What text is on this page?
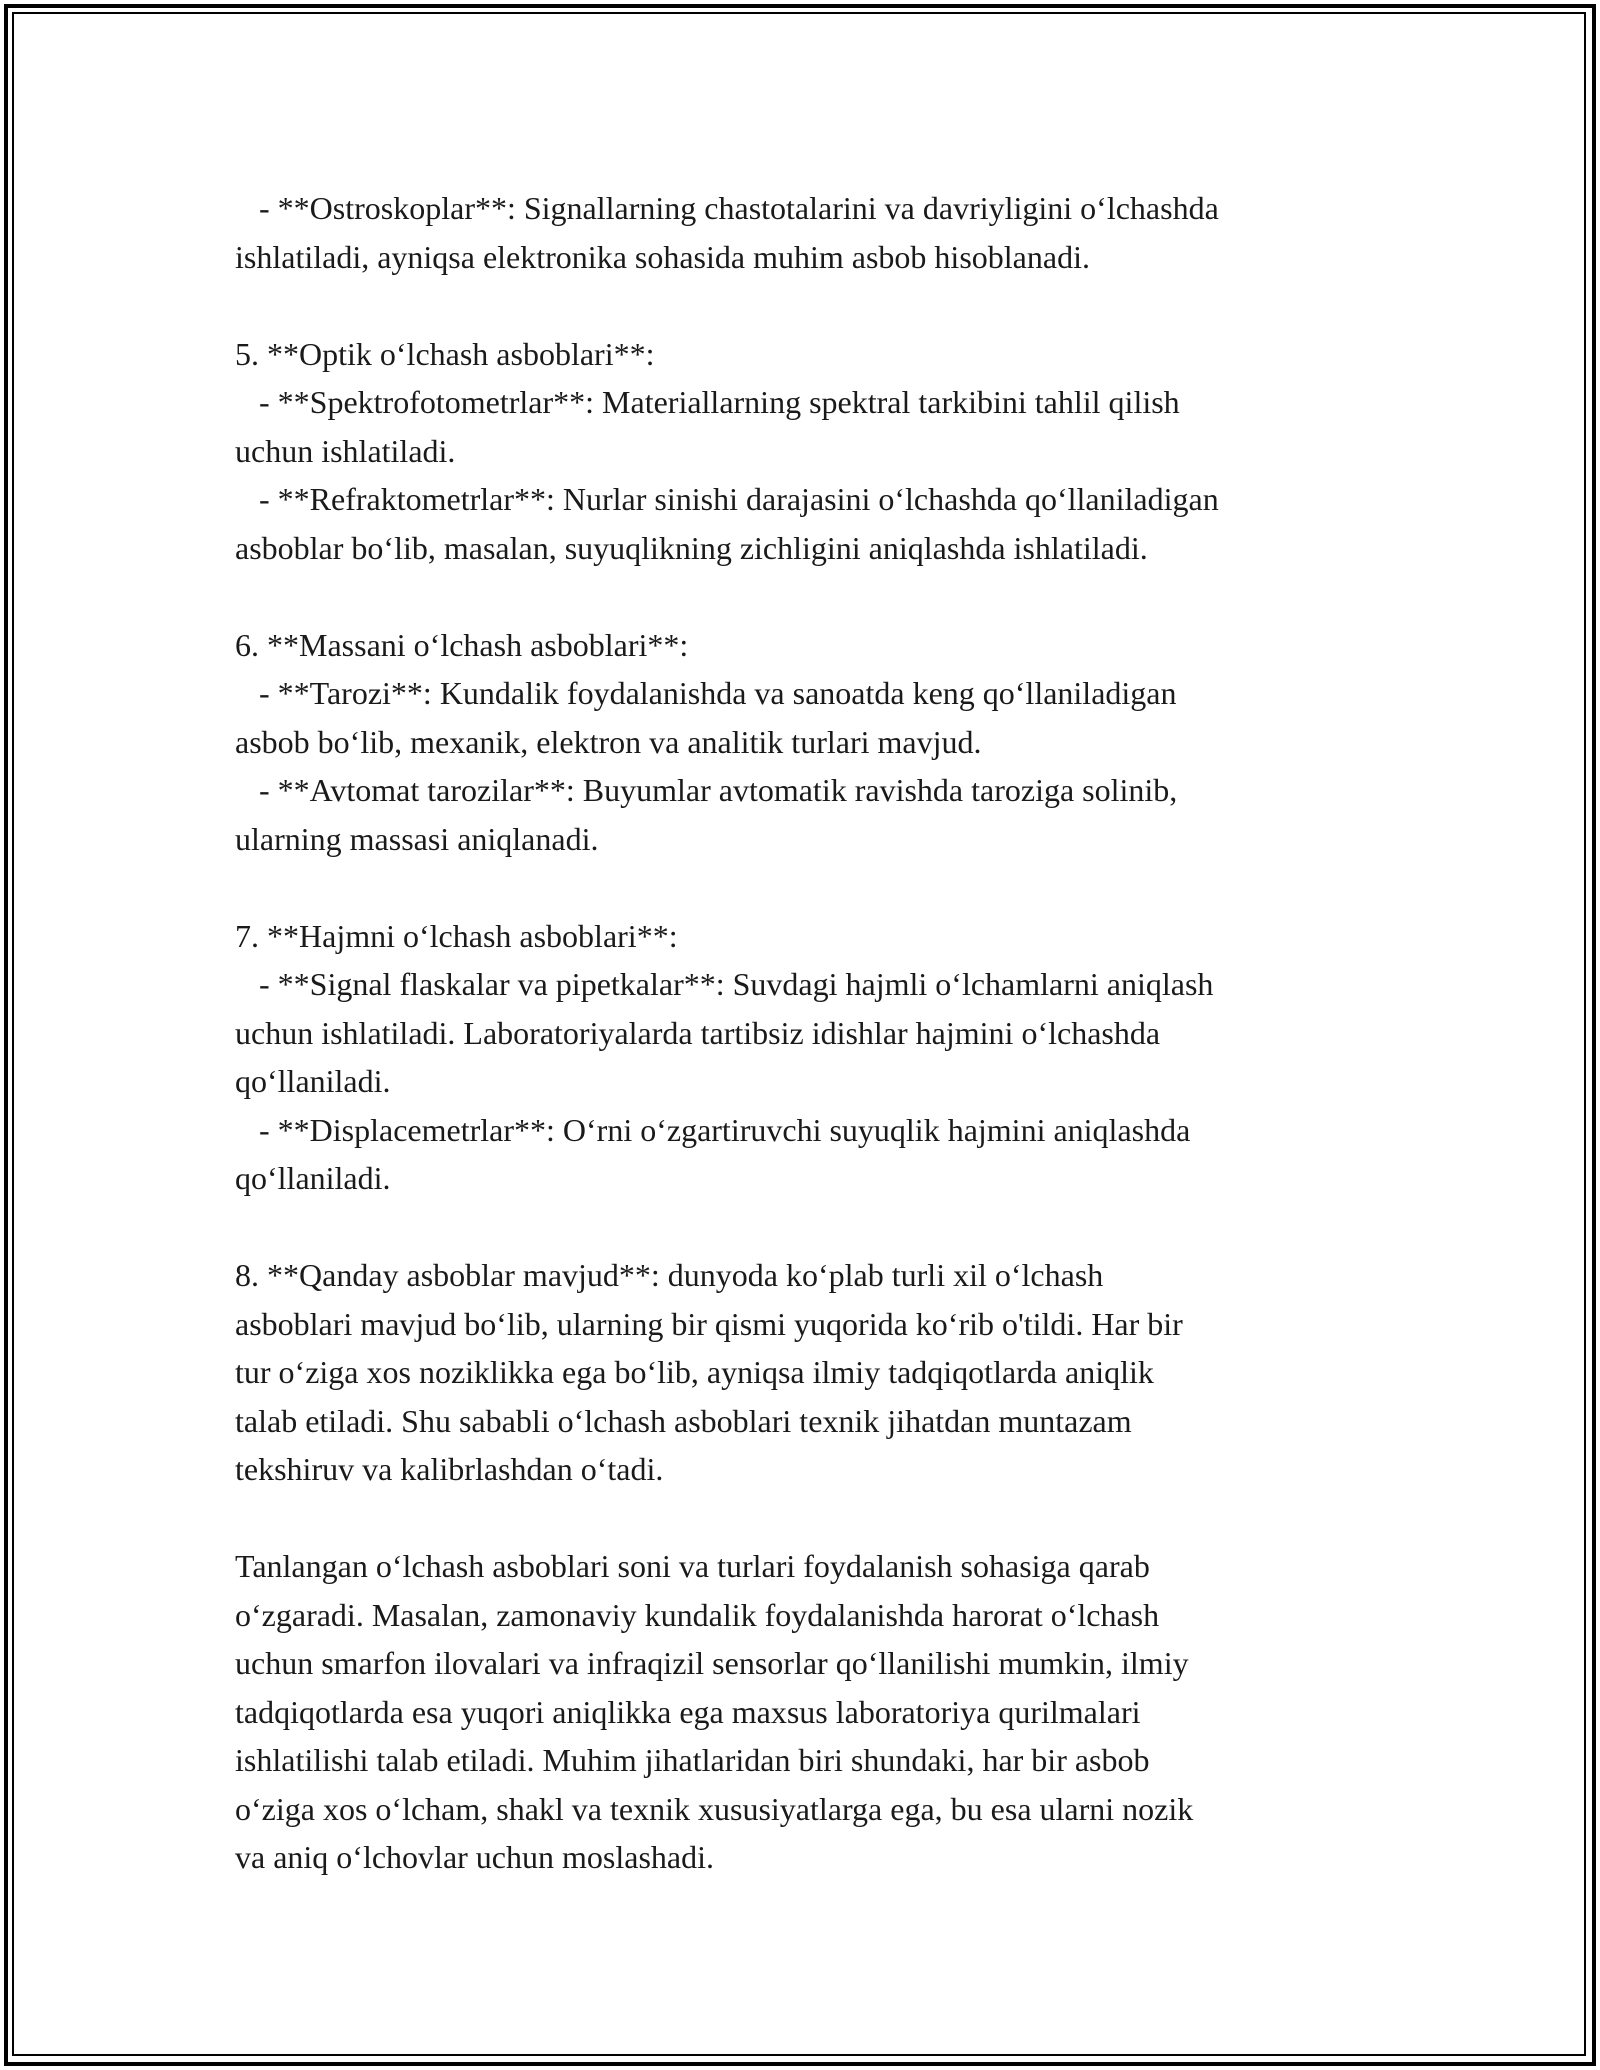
- **Ostroskoplar**: Signallarning chastotalarini va davriyligini o‘lchashda
ishlatiladi, ayniqsa elektronika sohasida muhim asbob hisoblanadi.

5. **Optik o‘lchash asboblari**:
- **Spektrofotometrlar**: Materiallarning spektral tarkibini tahlil qilish
uchun ishlatiladi.
- **Refraktometrlar**: Nurlar sinishi darajasini o‘lchashda qo‘llaniladigan
asboblar bo‘lib, masalan, suyuqlikning zichligini aniqlashda ishlatiladi.

6. **Massani o‘lchash asboblari**:
- **Tarozi**: Kundalik foydalanishda va sanoatda keng qo‘llaniladigan
asbob bo‘lib, mexanik, elektron va analitik turlari mavjud.
- **Avtomat tarozilar**: Buyumlar avtomatik ravishda taroziga solinib,
ularning massasi aniqlanadi.

7. **Hajmni o‘lchash asboblari**:
- **Signal flaskalar va pipetkalar**: Suvdagi hajmli o‘lchamlarni aniqlash
uchun ishlatiladi. Laboratoriyalarda tartibsiz idishlar hajmini o‘lchashda
qo‘llaniladi.
- **Displacemetrlar**: O‘rni o‘zgartiruvchi suyuqlik hajmini aniqlashda
qo‘llaniladi.

8. **Qanday asboblar mavjud**: dunyoda ko‘plab turli xil o‘lchash
asboblari mavjud bo‘lib, ularning bir qismi yuqorida ko‘rib o'tildi. Har bir
tur o‘ziga xos noziklikka ega bo‘lib, ayniqsa ilmiy tadqiqotlarda aniqlik
talab etiladi. Shu sababli o‘lchash asboblari texnik jihatdan muntazam
tekshiruv va kalibrlashdan o‘tadi.

Tanlangan o‘lchash asboblari soni va turlari foydalanish sohasiga qarab
o‘zgaradi. Masalan, zamonaviy kundalik foydalanishda harorat o‘lchash
uchun smarfon ilovalari va infraqizil sensorlar qo‘llanilishi mumkin, ilmiy
tadqiqotlarda esa yuqori aniqlikka ega maxsus laboratoriya qurilmalari
ishlatilishi talab etiladi. Muhim jihatlaridan biri shundaki, har bir asbob
o‘ziga xos o‘lcham, shakl va texnik xususiyatlarga ega, bu esa ularni nozik
va aniq o‘lchovlar uchun moslashadi.
